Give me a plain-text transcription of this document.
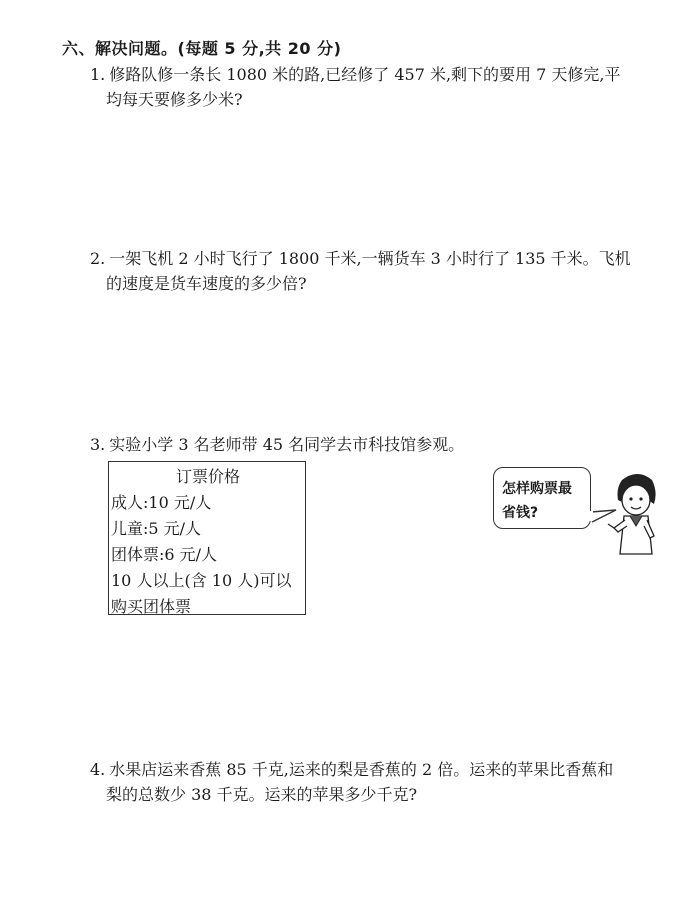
六、解决问题。(每题 5 分,共 20 分)
1. 修路队修一条长 1080 米的路,已经修了 457 米,剩下的要用 7 天修完,平
均每天要修多少米?
2. 一架飞机 2 小时飞行了 1800 千米,一辆货车 3 小时行了 135 千米。飞机
的速度是货车速度的多少倍?
3. 实验小学 3 名老师带 45 名同学去市科技馆参观。
订票价格
成人:10 元/人
儿童:5 元/人
团体票:6 元/人
10 人以上(含 10 人)可以
购买团体票
怎样购票最
省钱?
4. 水果店运来香蕉 85 千克,运来的梨是香蕉的 2 倍。运来的苹果比香蕉和
梨的总数少 38 千克。运来的苹果多少千克?
